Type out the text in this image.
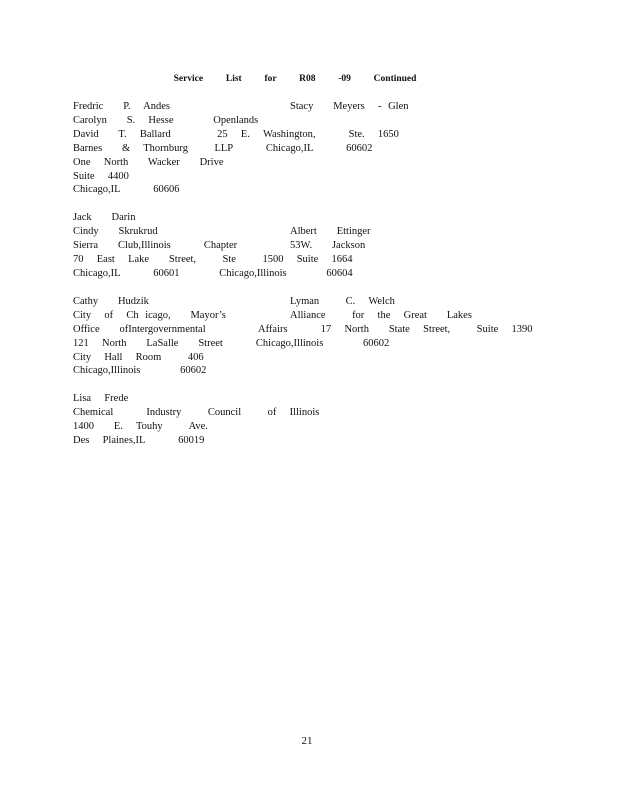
Service  List  for  R08  -09  Continued
Fredric   P.  Andes	Stacy   Meyers  - Glen
Carolyn   S.  Hesse      Openlands
David   T.  Ballard       25  E.  Washington,     Ste.  1650
Barnes   &  Thornburg    LLP     Chicago,IL     60602
One  North   Wacker   Drive
Suite  4400
Chicago,IL     60606
Jack   Darin
Cindy   Skrukrud
Sierra   Club,Illinois     Chapter
70  East  Lake   Street,    Ste    1500  Suite  1664
Chicago,IL     60601      Chicago,Illinois      60604
Albert   Ettinger
53W.   Jackson
Cathy   Hudzik
City  of  Ch icago,   Mayor’s
Office   ofIntergovernmental        Affairs     17  North   State  Street,    Suite  1390
121  North   LaSalle   Street     Chicago,Illinois      60602
City  Hall  Room    406
Chicago,Illinois      60602
Lyman    C.  Welch
Alliance    for  the  Great   Lakes
Lisa  Frede
Chemical     Industry    Council    of  Illinois
1400   E.  Touhy    Ave.
Des  Plaines,IL     60019
21
